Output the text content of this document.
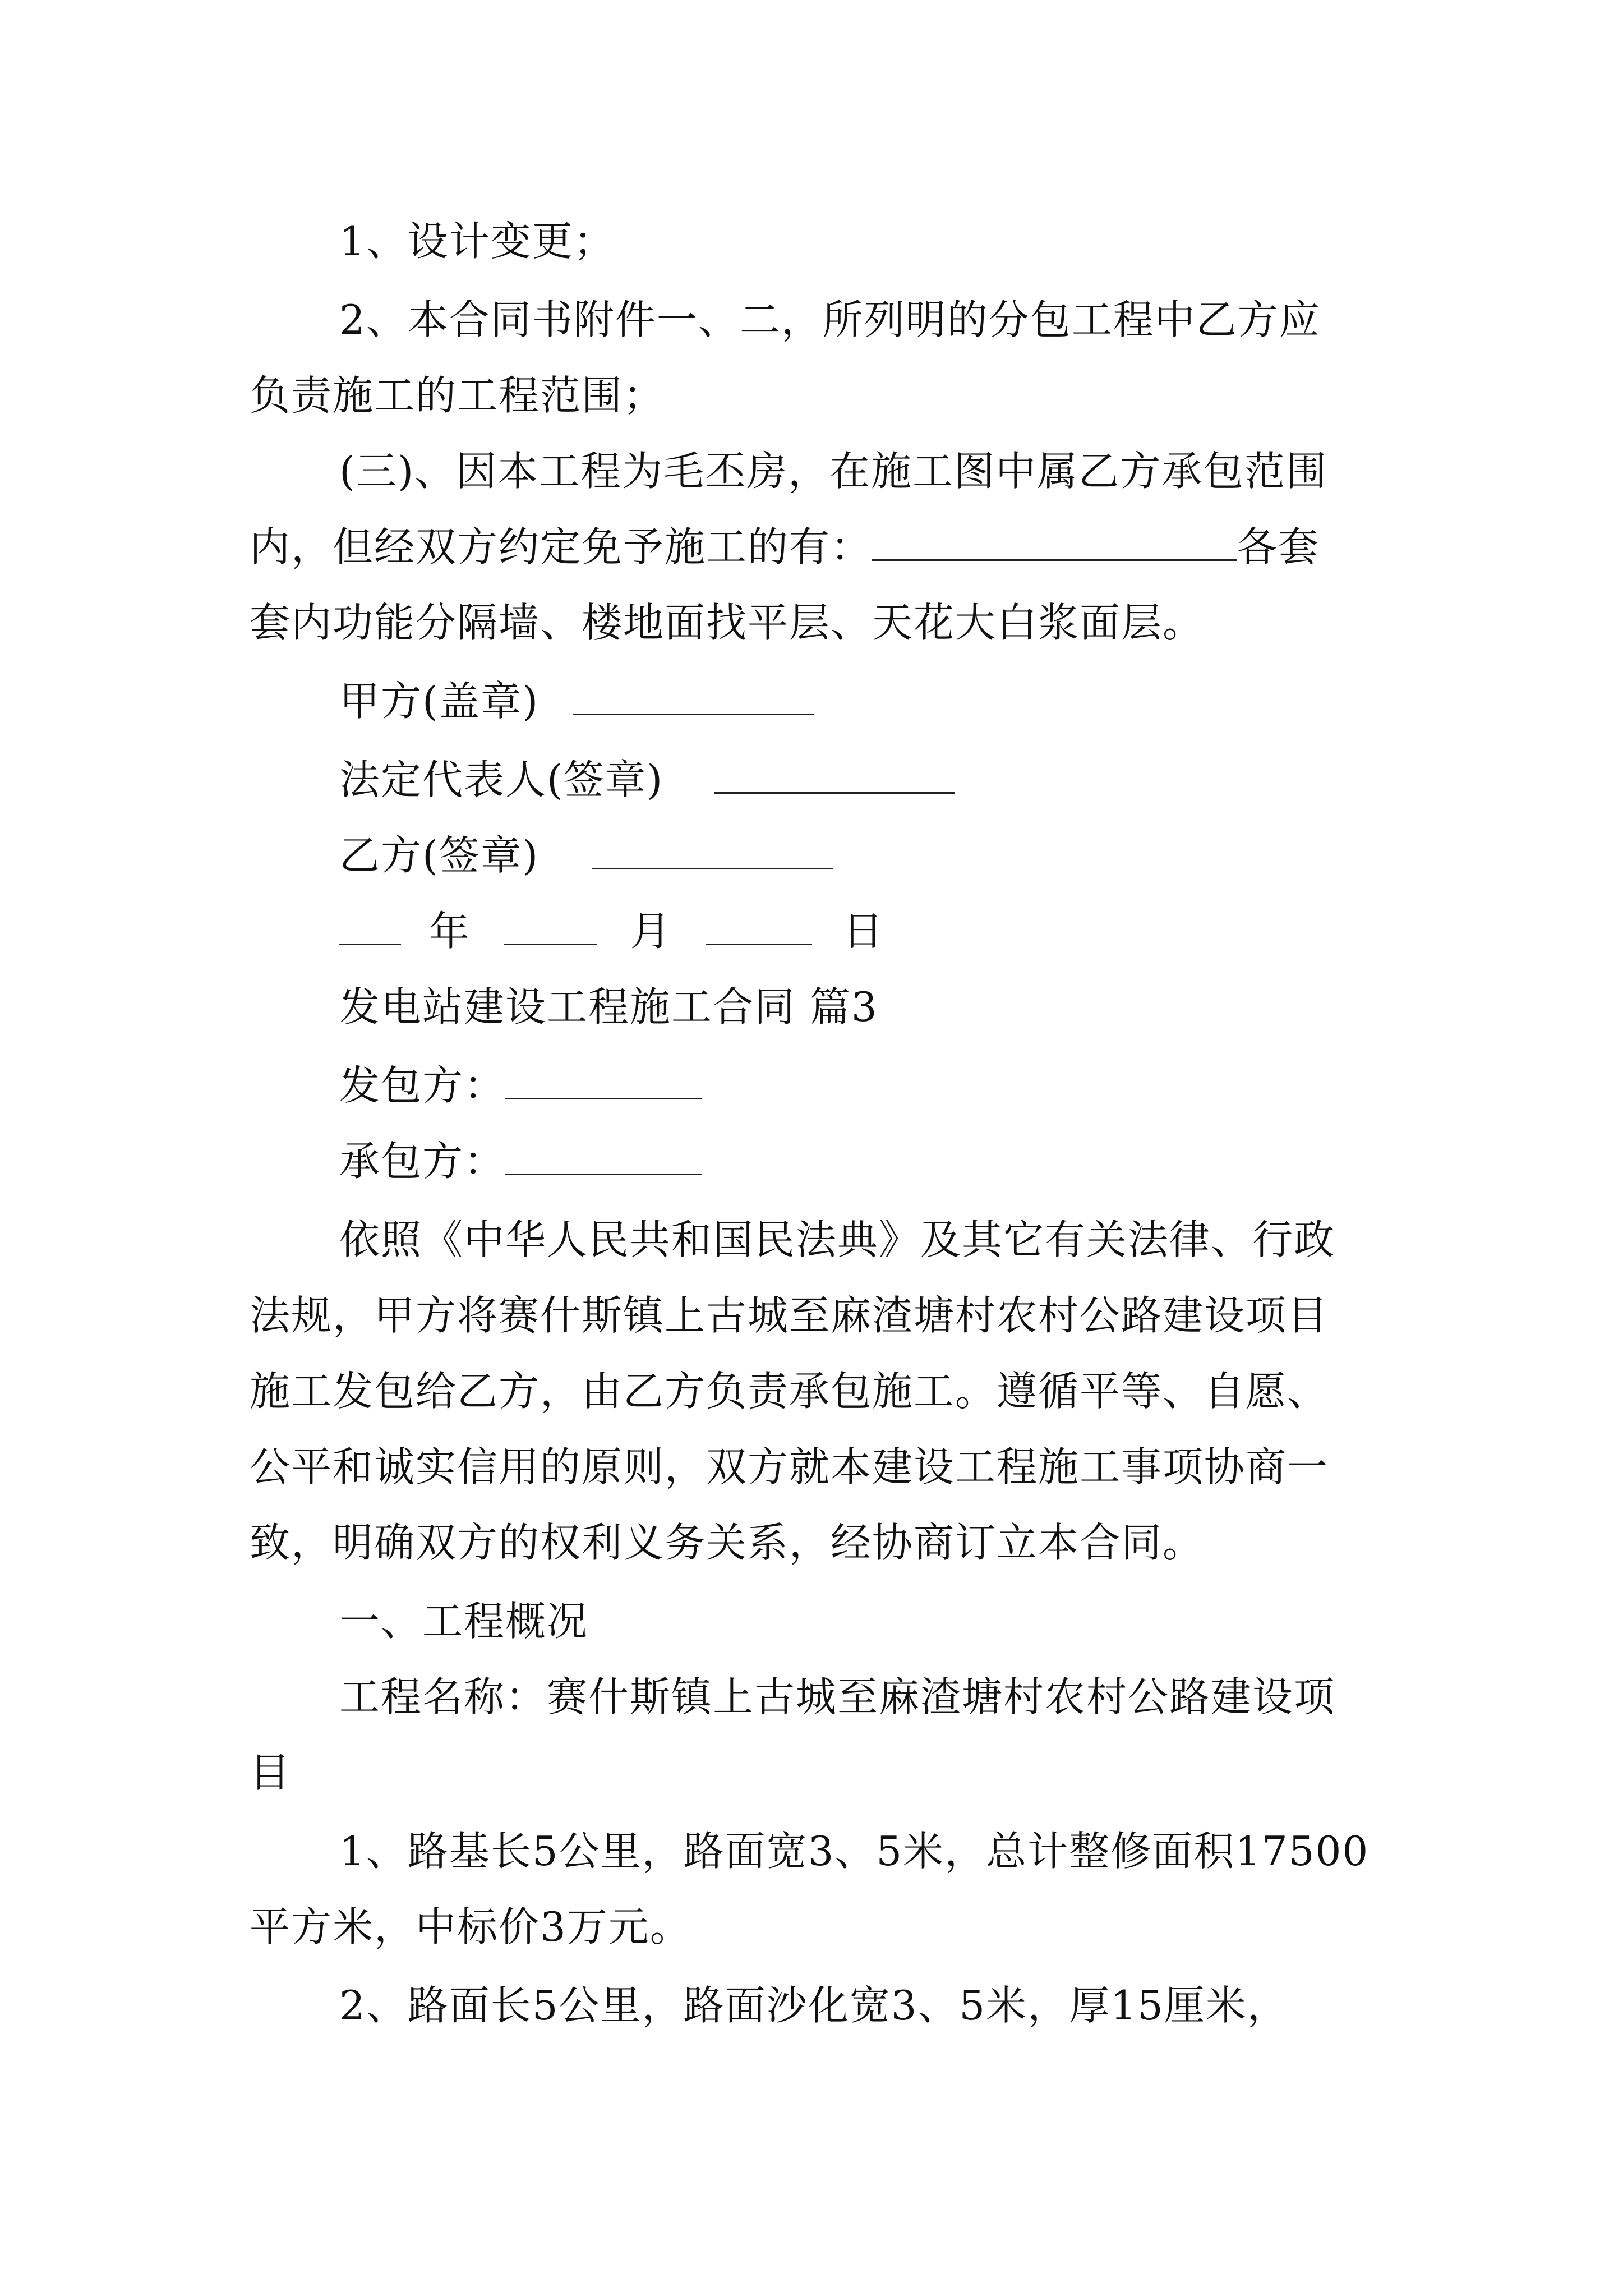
1、设计变更；
2、本合同书附件一、二，所列明的分包工程中乙方应
负责施工的工程范围；
(三)、因本工程为毛丕房，在施工图中属乙方承包范围
内，但经双方约定免予施工的有：	各套
套内功能分隔墙、楼地面找平层、天花大白浆面层。
甲方(盖章)
法定代表人(签章)
乙方(签章)
年	月	日
发电站建设工程施工合同 篇3
发包方：
承包方：
依照《中华人民共和国民法典》及其它有关法律、行政
法规，甲方将赛什斯镇上古城至麻渣塘村农村公路建设项目
施工发包给乙方，由乙方负责承包施工。遵循平等、自愿、
公平和诚实信用的原则，双方就本建设工程施工事项协商一
致，明确双方的权利义务关系，经协商订立本合同。
一、工程概况
工程名称：赛什斯镇上古城至麻渣塘村农村公路建设项
目
1、路基长5公里，路面宽3、5米，总计整修面积17500
平方米，中标价3万元。
2、路面长5公里，路面沙化宽3、5米，厚15厘米，
